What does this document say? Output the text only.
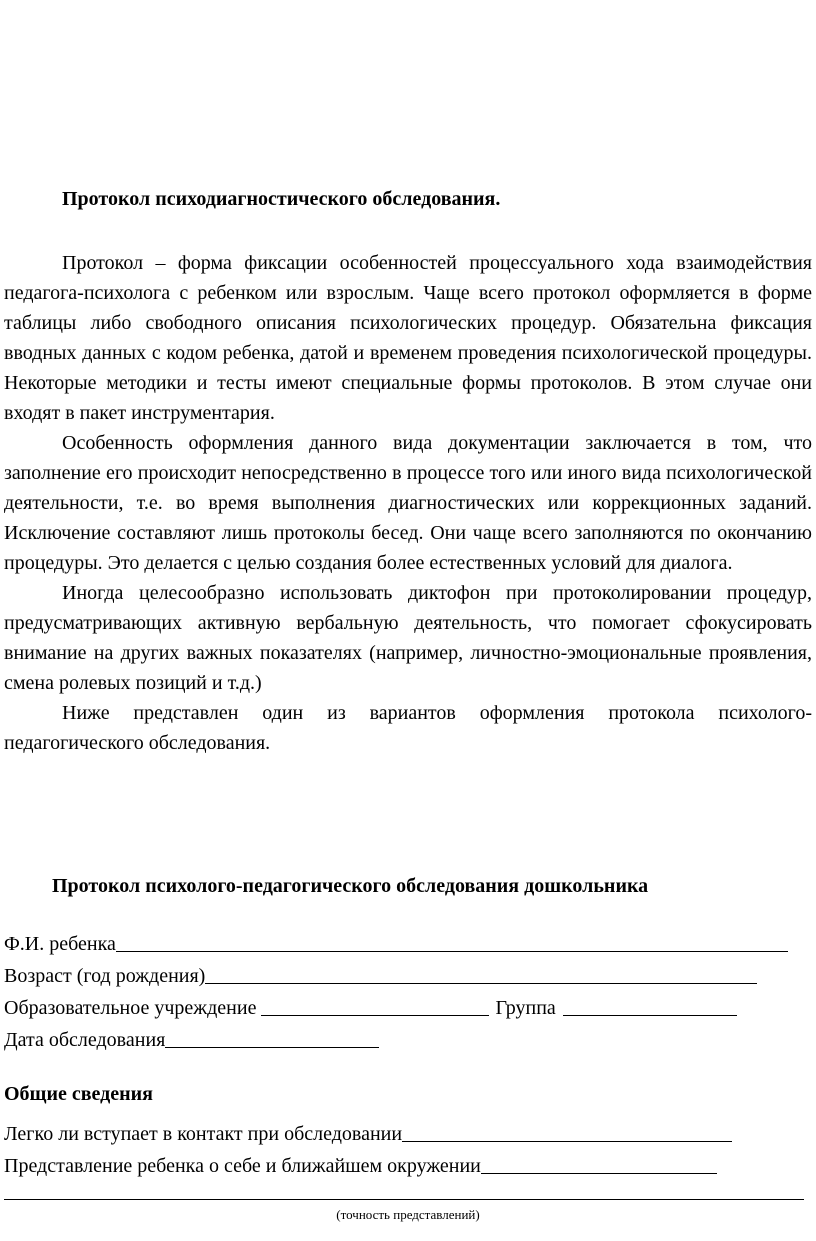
Протокол психодиагностического обследования.

Протокол – форма фиксации особенностей процессуального хода взаимодействия педагога-психолога с ребенком или взрослым. Чаще всего протокол оформляется в форме таблицы либо свободного описания психологических процедур. Обязательна фиксация вводных данных с кодом ребенка, датой и временем проведения психологической процедуры. Некоторые методики и тесты имеют специальные формы протоколов. В этом случае они входят в пакет инструментария.

Особенность оформления данного вида документации заключается в том, что заполнение его происходит непосредственно в процессе того или иного вида психологической деятельности, т.е. во время выполнения диагностических или коррекционных заданий. Исключение составляют лишь протоколы бесед. Они чаще всего заполняются по окончанию процедуры. Это делается с целью создания более естественных условий для диалога.

Иногда целесообразно использовать диктофон при протоколировании процедур, предусматривающих активную вербальную деятельность, что помогает сфокусировать внимание на других важных показателях (например, личностно-эмоциональные проявления, смена ролевых позиций и т.д.)

Ниже представлен один из вариантов оформления протокола психолого-педагогического обследования.

Протокол психолого-педагогического обследования дошкольника
Ф.И. ребенка
Возраст (год рождения)
Образовательное учреждение	Группа
Дата обследования
Общие сведения
Легко ли вступает в контакт при обследовании
Представление ребенка о себе и ближайшем окружении
(точность представлений)
